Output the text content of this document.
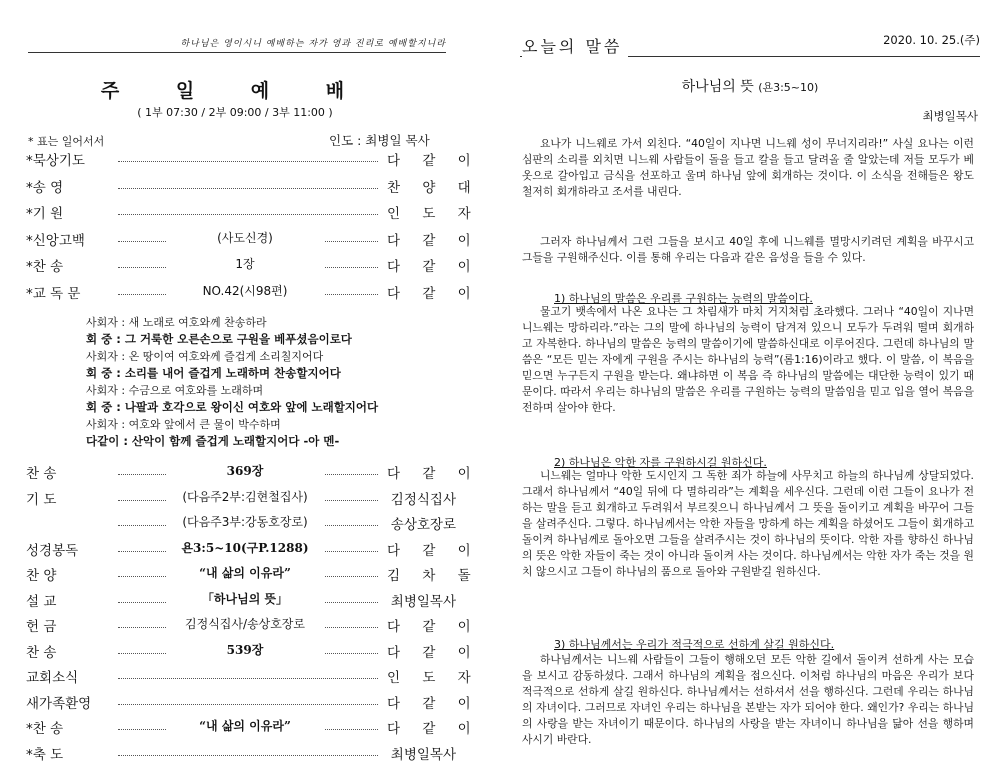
하나님은 영이시니 예배하는 자가 영과 진리로 예배할지니라
주 일 예 배
( 1부 07:30 / 2부 09:00 / 3부 11:00 )
* 표는 일어서서	인도 : 최병일 목사
*묵상기도	다 같 이
*송 영	찬 양 대
*기 원	인 도 자
*신앙고백	(사도신경)	다 같 이
*찬 송	1장	다 같 이
*교 독 문	NO.42(시98편)	다 같 이
사회자 : 새 노래로 여호와께 찬송하라
회 중 : 그 거룩한 오른손으로 구원을 베푸셨음이로다
사회자 : 온 땅이여 여호와께 즐겁게 소리칠지어다
회 중 : 소리를 내어 즐겁게 노래하며 찬송할지어다
사회자 : 수금으로 여호와를 노래하며
회 중 : 나팔과 호각으로 왕이신 여호와 앞에 노래할지어다
사회자 : 여호와 앞에서 큰 물이 박수하며
다같이 : 산악이 함께 즐겁게 노래할지어다 -아 멘-
찬 송	369장	다 같 이
기 도	(다음주2부:김현철집사)	김정식집사
(다음주3부:강동호장로)	송상호장로
성경봉독	욘3:5~10(구P.1288)	다 같 이
찬 양	“내 삶의 이유라”	김 차 돌
설 교	「하나님의 뜻」	최병일목사
헌 금	김정식집사/송상호장로	다 같 이
찬 송	539장	다 같 이
교회소식	인 도 자
새가족환영	다 같 이
*찬 송	“내 삶의 이유라”	다 같 이
*축 도	최병일목사
오늘의 말씀	2020. 10. 25.(주)
하나님의 뜻 (욘3:5~10)
최병일목사
요나가 니느웨로 가서 외친다. “40일이 지나면 니느웨 성이 무너지리라!” 사실 요나는 이런 심판의 소리를 외치면 니느웨 사람들이 돌을 들고 칼을 들고 달려올 줄 알았는데 저들 모두가 베옷으로 갈아입고 금식을 선포하고 울며 하나님 앞에 회개하는 것이다. 이 소식을 전해들은 왕도 철저히 회개하라고 조서를 내린다.
그러자 하나님께서 그런 그들을 보시고 40일 후에 니느웨를 멸망시키려던 계획을 바꾸시고 그들을 구원해주신다. 이를 통해 우리는 다음과 같은 음성을 들을 수 있다.
1) 하나님의 말씀은 우리를 구원하는 능력의 말씀이다.
물고기 뱃속에서 나온 요나는 그 차림새가 마치 거지처럼 초라했다. 그러나 “40일이 지나면 니느웨는 망하리라.”라는 그의 말에 하나님의 능력이 담겨져 있으니 모두가 두려워 떨며 회개하고 자복한다. 하나님의 말씀은 능력의 말씀이기에 말씀하신대로 이루어진다. 그런데 하나님의 말씀은 “모든 믿는 자에게 구원을 주시는 하나님의 능력”(롬1:16)이라고 했다. 이 말씀, 이 복음을 믿으면 누구든지 구원을 받는다. 왜냐하면 이 복음 즉 하나님의 말씀에는 대단한 능력이 있기 때문이다. 따라서 우리는 하나님의 말씀은 우리를 구원하는 능력의 말씀임을 믿고 입을 열어 복음을 전하며 살아야 한다.
2) 하나님은 악한 자를 구원하시길 원하신다.
니느웨는 얼마나 악한 도시인지 그 독한 죄가 하늘에 사무치고 하늘의 하나님께 상달되었다. 그래서 하나님께서 “40일 뒤에 다 멸하리라”는 계획을 세우신다. 그런데 이런 그들이 요나가 전하는 말을 듣고 회개하고 두려워서 부르짖으니 하나님께서 그 뜻을 돌이키고 계획을 바꾸어 그들을 살려주신다. 그렇다. 하나님께서는 악한 자들을 망하게 하는 계획을 하셨어도 그들이 회개하고 돌이켜 하나님께로 돌아오면 그들을 살려주시는 것이 하나님의 뜻이다. 악한 자를 향하신 하나님의 뜻은 악한 자들이 죽는 것이 아니라 돌이켜 사는 것이다. 하나님께서는 악한 자가 죽는 것을 원치 않으시고 그들이 하나님의 품으로 돌아와 구원받길 원하신다.
3) 하나님께서는 우리가 적극적으로 선하게 살길 원하신다.
하나님께서는 니느웨 사람들이 그들이 행해오던 모든 악한 길에서 돌이켜 선하게 사는 모습을 보시고 감동하셨다. 그래서 하나님의 계획을 접으신다. 이처럼 하나님의 마음은 우리가 보다 적극적으로 선하게 살길 원하신다. 하나님께서는 선하셔서 선을 행하신다. 그런데 우리는 하나님의 자녀이다. 그러므로 자녀인 우리는 하나님을 본받는 자가 되어야 한다. 왜인가? 우리는 하나님의 사랑을 받는 자녀이기 때문이다. 하나님의 사랑을 받는 자녀이니 하나님을 닮아 선을 행하며 사시기 바란다.
